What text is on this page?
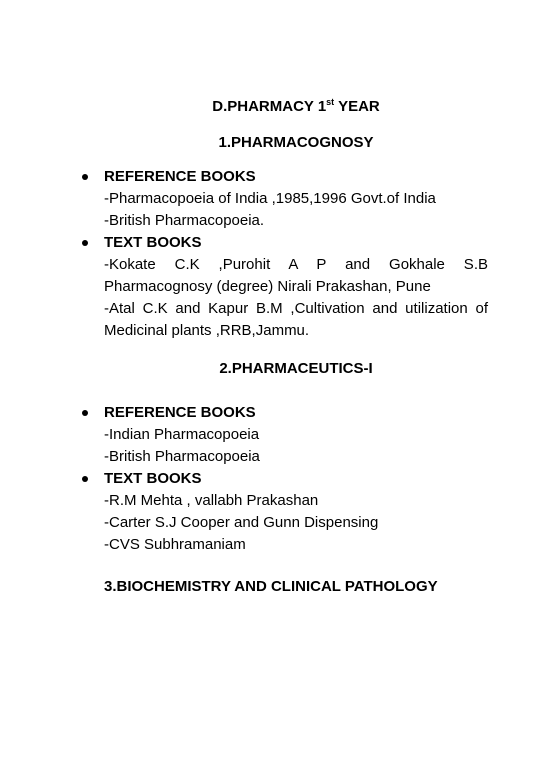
D.PHARMACY 1st YEAR

1.PHARMACOGNOSY

REFERENCE BOOKS

-Pharmacopoeia of India ,1985,1996 Govt.of India

-British Pharmacopoeia.

TEXT BOOKS

-Kokate C.K ,Purohit A P and Gokhale S.B Pharmacognosy (degree) Nirali Prakashan, Pune

-Atal C.K and Kapur B.M ,Cultivation and utilization of Medicinal plants ,RRB,Jammu.

2.PHARMACEUTICS-I

REFERENCE BOOKS

-Indian Pharmacopoeia

-British Pharmacopoeia

TEXT BOOKS

-R.M Mehta , vallabh Prakashan

-Carter S.J Cooper and Gunn Dispensing

-CVS Subhramaniam

3.BIOCHEMISTRY AND CLINICAL PATHOLOGY
